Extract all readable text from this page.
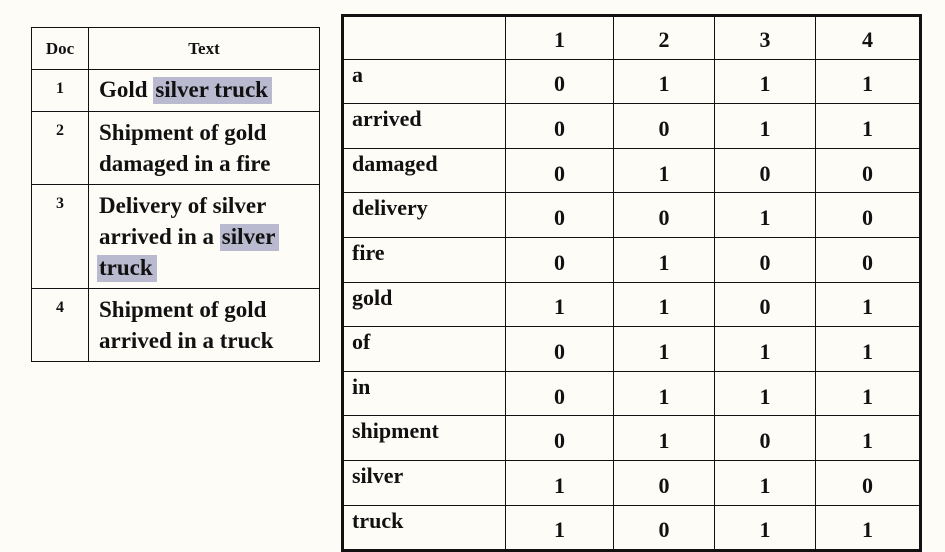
Doc	Text
1	Gold silver truck
2	Shipment of gold
damaged in a fire

3	Delivery of silver
arrived in a silver
truck

4	Shipment of gold
arrived in a truck
	1	2	3	4
a	0	1	1	1
arrived	0	0	1	1
damaged	0	1	0	0
delivery	0	0	1	0
fire	0	1	0	0
gold	1	1	0	1
of	0	1	1	1
in	0	1	1	1
shipment	0	1	0	1
silver	1	0	1	0
truck	1	0	1	1
